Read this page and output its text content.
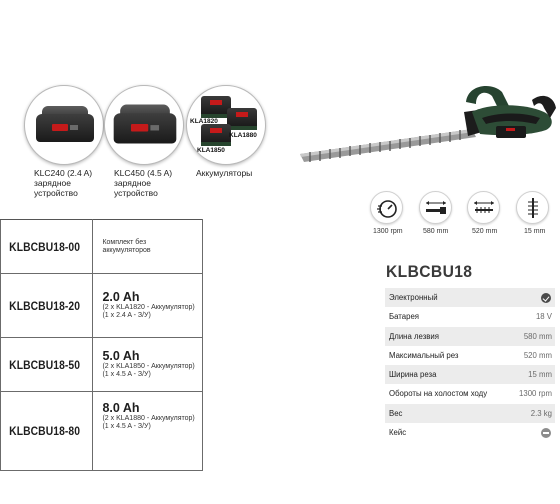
KLA1820
KLA1880
KLA1850
KLC240 (2.4 A)
зарядное
устройство
KLC450 (4.5 A)
зарядное
устройство
Аккумуляторы
1300 rpm	580 mm	520 mm	15 mm
KLBCBU18-00	Комплект без
аккумуляторов

KLBCBU18-20	2.0 Ah
(2 x KLA1820 - Аккумулятор)
(1 x 2.4 A - З/У)

KLBCBU18-50	5.0 Ah
(2 x KLA1850 - Аккумулятор)
(1 x 4.5 A - З/У)

KLBCBU18-80	8.0 Ah
(2 x KLA1880 - Аккумулятор)
(1 x 4.5 A - З/У)
KLBCBU18
Электронный
Батарея	18 V
Длина лезвия	580 mm
Максимальный рез	520 mm
Ширина реза	15 mm
Обороты на холостом ходу	1300 rpm
Вес	2.3 kg
Кейс
